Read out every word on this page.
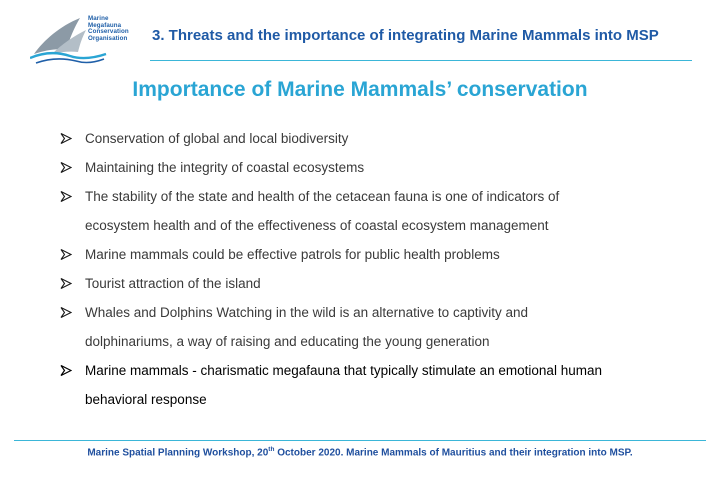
Marine
Megafauna
Conservation
Organisation 3. Threats and the importance of integrating Marine Mammals into MSP
Importance of Marine Mammals’ conservation
Conservation of global and local biodiversity
Maintaining the integrity of coastal ecosystems
The stability of the state and health of the cetacean fauna is one of indicators of
ecosystem health and of the effectiveness of coastal ecosystem management
Marine mammals could be effective patrols for public health problems
Tourist attraction of the island
Whales and Dolphins Watching in the wild is an alternative to captivity and
dolphinariums, a way of raising and educating the young generation
Marine mammals - charismatic megafauna that typically stimulate an emotional human
behavioral response
Marine Spatial Planning Workshop, 20th October 2020. Marine Mammals of Mauritius and their integration into MSP.
